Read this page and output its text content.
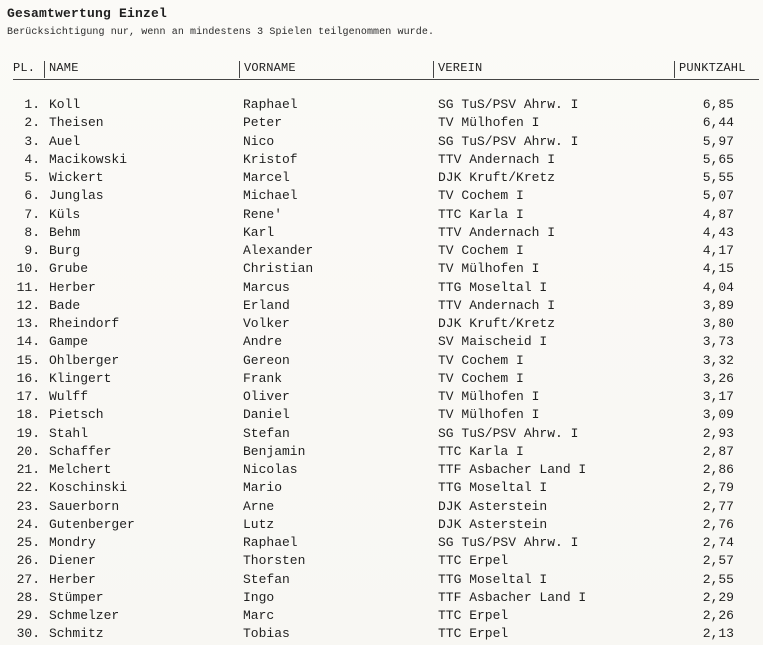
Gesamtwertung Einzel
Berücksichtigung nur, wenn an mindestens 3 Spielen teilgenommen wurde.
PL.	NAME	VORNAME	VEREIN	PUNKTZAHL
1. Koll	Raphael	SG TuS/PSV Ahrw. I	6,85
2. Theisen	Peter	TV Mülhofen I	6,44
3. Auel	Nico	SG TuS/PSV Ahrw. I	5,97
4. Macikowski	Kristof	TTV Andernach I	5,65
5. Wickert	Marcel	DJK Kruft/Kretz	5,55
6. Junglas	Michael	TV Cochem I	5,07
7. Küls	Rene'	TTC Karla I	4,87
8. Behm	Karl	TTV Andernach I	4,43
9. Burg	Alexander	TV Cochem I	4,17
10. Grube	Christian	TV Mülhofen I	4,15
11. Herber	Marcus	TTG Moseltal I	4,04
12. Bade	Erland	TTV Andernach I	3,89
13. Rheindorf	Volker	DJK Kruft/Kretz	3,80
14. Gampe	Andre	SV Maischeid I	3,73
15. Ohlberger	Gereon	TV Cochem I	3,32
16. Klingert	Frank	TV Cochem I	3,26
17. Wulff	Oliver	TV Mülhofen I	3,17
18. Pietsch	Daniel	TV Mülhofen I	3,09
19. Stahl	Stefan	SG TuS/PSV Ahrw. I	2,93
20. Schaffer	Benjamin	TTC Karla I	2,87
21. Melchert	Nicolas	TTF Asbacher Land I	2,86
22. Koschinski	Mario	TTG Moseltal I	2,79
23. Sauerborn	Arne	DJK Asterstein	2,77
24. Gutenberger	Lutz	DJK Asterstein	2,76
25. Mondry	Raphael	SG TuS/PSV Ahrw. I	2,74
26. Diener	Thorsten	TTC Erpel	2,57
27. Herber	Stefan	TTG Moseltal I	2,55
28. Stümper	Ingo	TTF Asbacher Land I	2,29
29. Schmelzer	Marc	TTC Erpel	2,26
30. Schmitz	Tobias	TTC Erpel	2,13
